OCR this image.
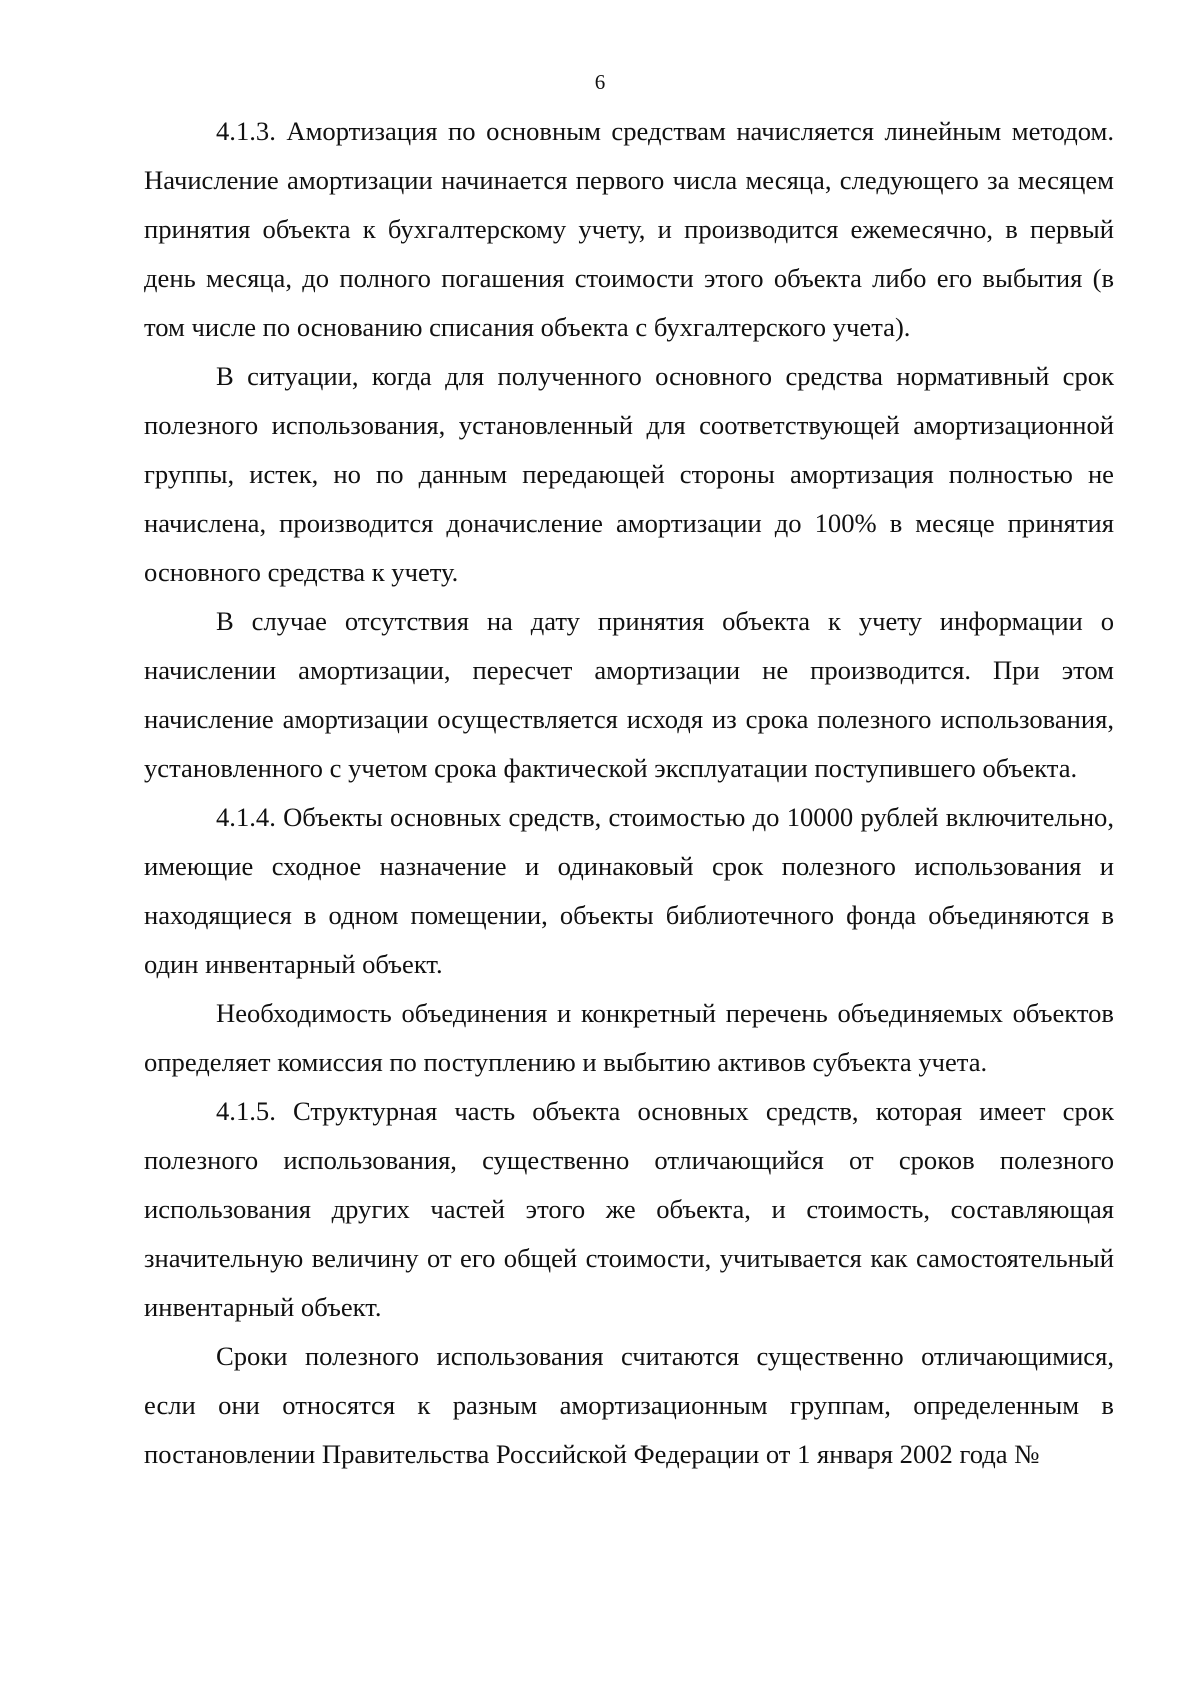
6

4.1.3. Амортизация по основным средствам начисляется линейным методом. Начисление амортизации начинается первого числа месяца, следующего за месяцем принятия объекта к бухгалтерскому учету, и производится ежемесячно, в первый день месяца, до полного погашения стоимости этого объекта либо его выбытия (в том числе по основанию списания объекта с бухгалтерского учета).

В ситуации, когда для полученного основного средства нормативный срок полезного использования, установленный для соответствующей амортизационной группы, истек, но по данным передающей стороны амортизация полностью не начислена, производится доначисление амортизации до 100% в месяце принятия основного средства к учету.

В случае отсутствия на дату принятия объекта к учету информации о начислении амортизации, пересчет амортизации не производится. При этом начисление амортизации осуществляется исходя из срока полезного использования, установленного с учетом срока фактической эксплуатации поступившего объекта.

4.1.4. Объекты основных средств, стоимостью до 10000 рублей включительно, имеющие сходное назначение и одинаковый срок полезного использования и находящиеся в одном помещении, объекты библиотечного фонда объединяются в один инвентарный объект.

Необходимость объединения и конкретный перечень объединяемых объектов определяет комиссия по поступлению и выбытию активов субъекта учета.

4.1.5. Структурная часть объекта основных средств, которая имеет срок полезного использования, существенно отличающийся от сроков полезного использования других частей этого же объекта, и стоимость, составляющая значительную величину от его общей стоимости, учитывается как самостоятельный инвентарный объект.

Сроки полезного использования считаются существенно отличающимися, если они относятся к разным амортизационным группам, определенным в постановлении Правительства Российской Федерации от 1 января 2002 года №
